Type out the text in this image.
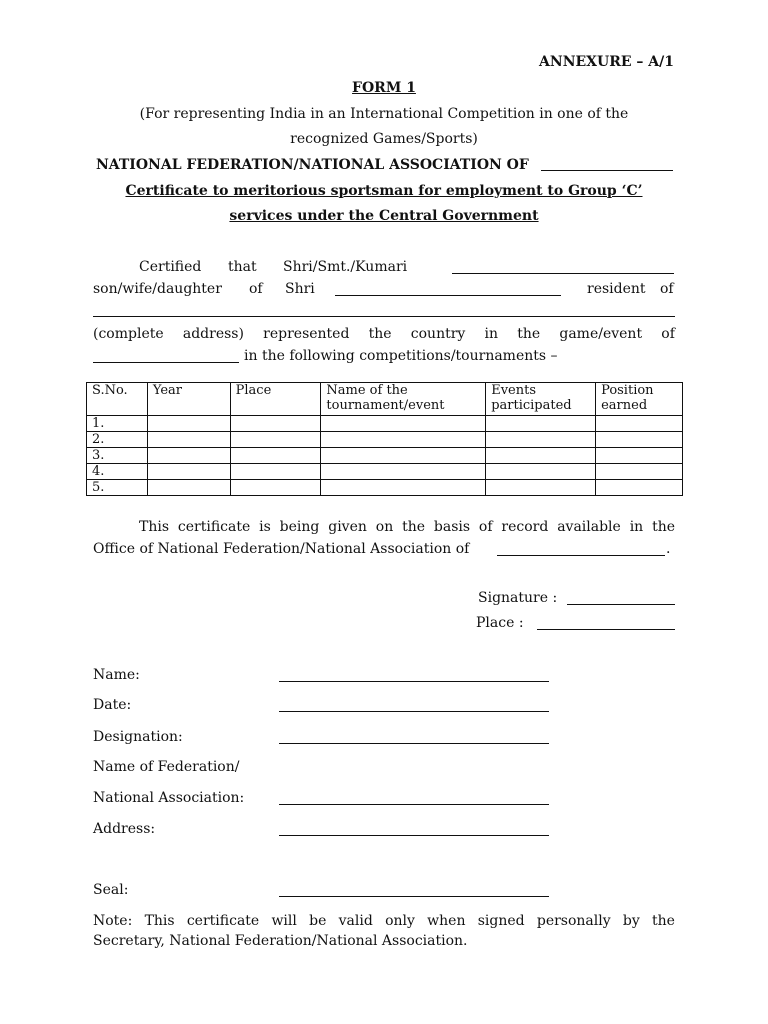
ANNEXURE – A/1
FORM 1
(For representing India in an International Competition in one of the
recognized Games/Sports)
NATIONAL FEDERATION/NATIONAL ASSOCIATION OF
Certificate to meritorious sportsman for employment to Group ‘C’
services under the Central Government
Certified that Shri/Smt./Kumari
son/wife/daughter of Shri	resident of
(complete address) represented the country in the game/event of
in the following competitions/tournaments –
S.No.	Year	Place	Name of the tournament/event	Events participated	Position earned
1.					
2.					
3.					
4.					
5.					
This certificate is being given on the basis of record available in the
Office of National Federation/National Association of	.
Signature :
Place :
Name:
Date:
Designation:
Name of Federation/
National Association:
Address:
Seal:
Note: This certificate will be valid only when signed personally by the
Secretary, National Federation/National Association.
